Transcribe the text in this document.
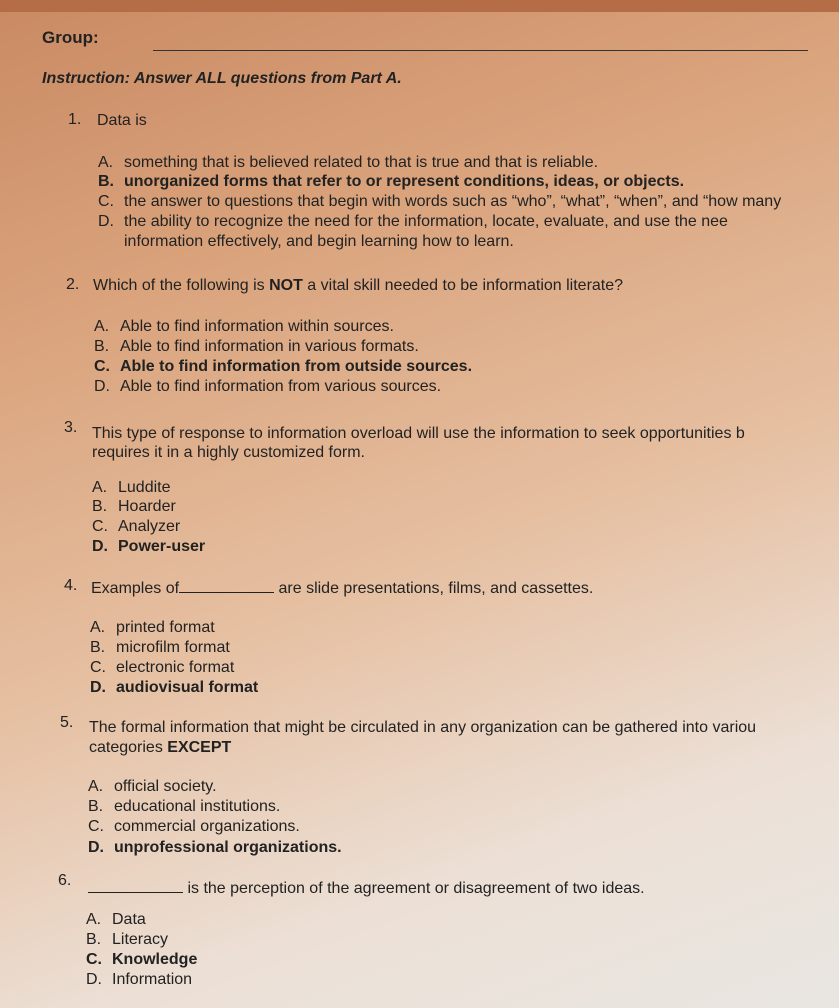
Group:
Instruction: Answer ALL questions from Part A.
1. Data is
A. something that is believed related to that is true and that is reliable.
B. unorganized forms that refer to or represent conditions, ideas, or objects.
C. the answer to questions that begin with words such as “who”, “what”, “when”, and “how many
D. the ability to recognize the need for the information, locate, evaluate, and use the nee
information effectively, and begin learning how to learn.
2. Which of the following is NOT a vital skill needed to be information literate?
A. Able to find information within sources.
B. Able to find information in various formats.
C. Able to find information from outside sources.
D. Able to find information from various sources.
3. This type of response to information overload will use the information to seek opportunities b
requires it in a highly customized form.
A. Luddite
B. Hoarder
C. Analyzer
D. Power-user
4. Examples of	are slide presentations, films, and cassettes.
A. printed format
B. microfilm format
C. electronic format
D. audiovisual format
5. The formal information that might be circulated in any organization can be gathered into variou
categories EXCEPT
A. official society.
B. educational institutions.
C. commercial organizations.
D. unprofessional organizations.
6.	is the perception of the agreement or disagreement of two ideas.
A. Data
B. Literacy
C. Knowledge
D. Information
